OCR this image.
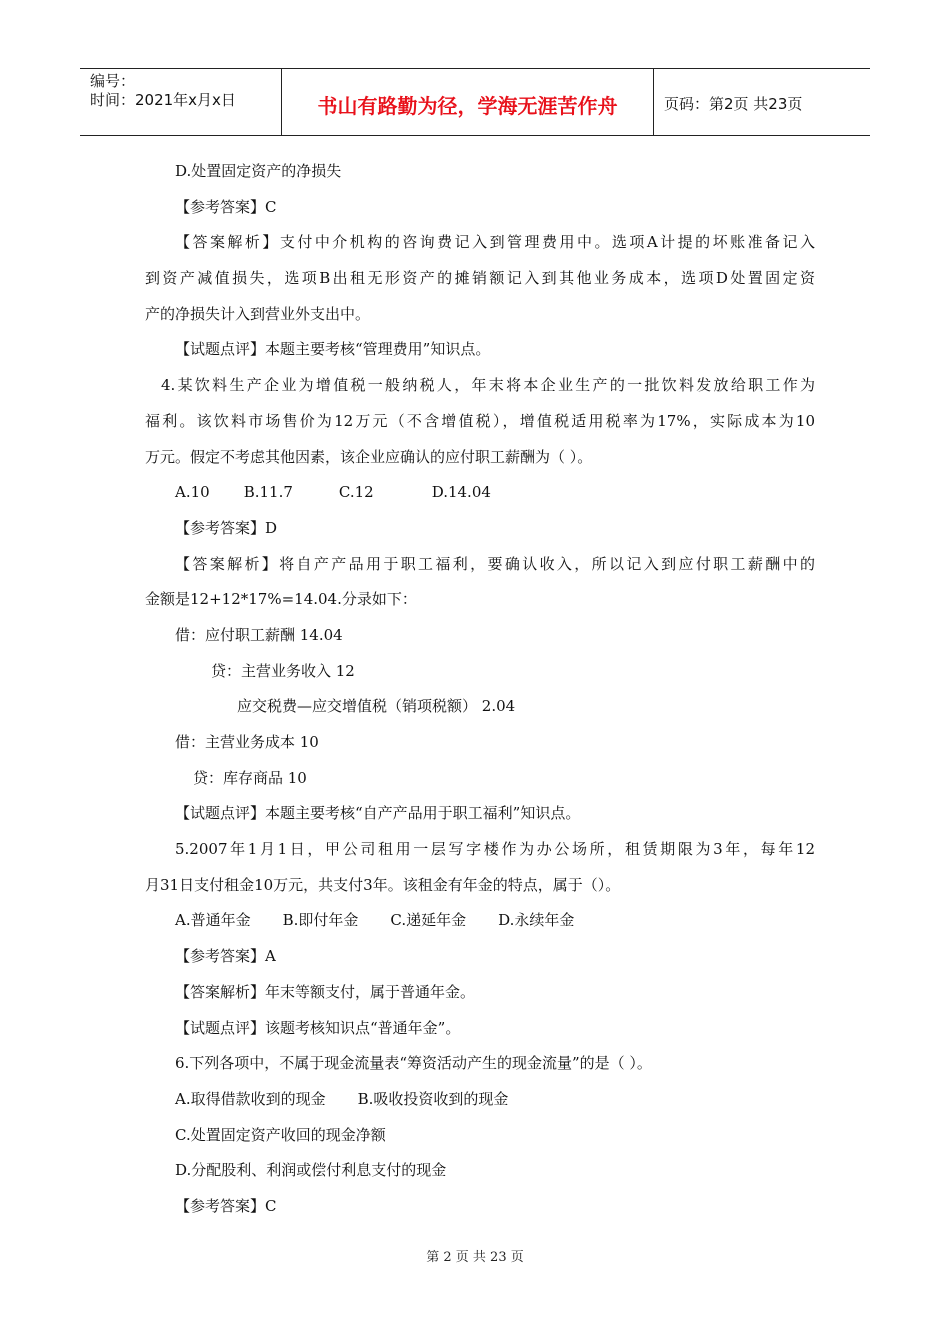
编号：
时间：2021年x月x日	书山有路勤为径，学海无涯苦作舟	页码：第2页 共23页
D.处置固定资产的净损失
【参考答案】C
【答案解析】支付中介机构的咨询费记入到管理费用中。选项A计提的坏账准备记入
到资产减值损失，选项B出租无形资产的摊销额记入到其他业务成本，选项D处置固定资
产的净损失计入到营业外支出中。
【试题点评】本题主要考核“管理费用”知识点。
4.某饮料生产企业为增值税一般纳税人，年末将本企业生产的一批饮料发放给职工作为
福利。该饮料市场售价为12万元（不含增值税），增值税适用税率为17%，实际成本为10
万元。假定不考虑其他因素，该企业应确认的应付职工薪酬为（ ）。
A.10 B.11.7	C.12	D.14.04
【参考答案】D
【答案解析】将自产产品用于职工福利，要确认收入，所以记入到应付职工薪酬中的
金额是12+12*17%=14.04.分录如下：
借：应付职工薪酬 14.04
贷：主营业务收入 12
应交税费—应交增值税（销项税额） 2.04
借：主营业务成本 10
贷：库存商品 10
【试题点评】本题主要考核“自产产品用于职工福利”知识点。
5.2007年1月1日，甲公司租用一层写字楼作为办公场所，租赁期限为3年，每年12
月31日支付租金10万元，共支付3年。该租金有年金的特点，属于（）。
A.普通年金 B.即付年金 C.递延年金 D.永续年金
【参考答案】A
【答案解析】年末等额支付，属于普通年金。
【试题点评】该题考核知识点“普通年金”。
6.下列各项中，不属于现金流量表“筹资活动产生的现金流量”的是（ ）。
A.取得借款收到的现金 B.吸收投资收到的现金
C.处置固定资产收回的现金净额
D.分配股利、利润或偿付利息支付的现金
【参考答案】C
第 2 页 共 23 页
